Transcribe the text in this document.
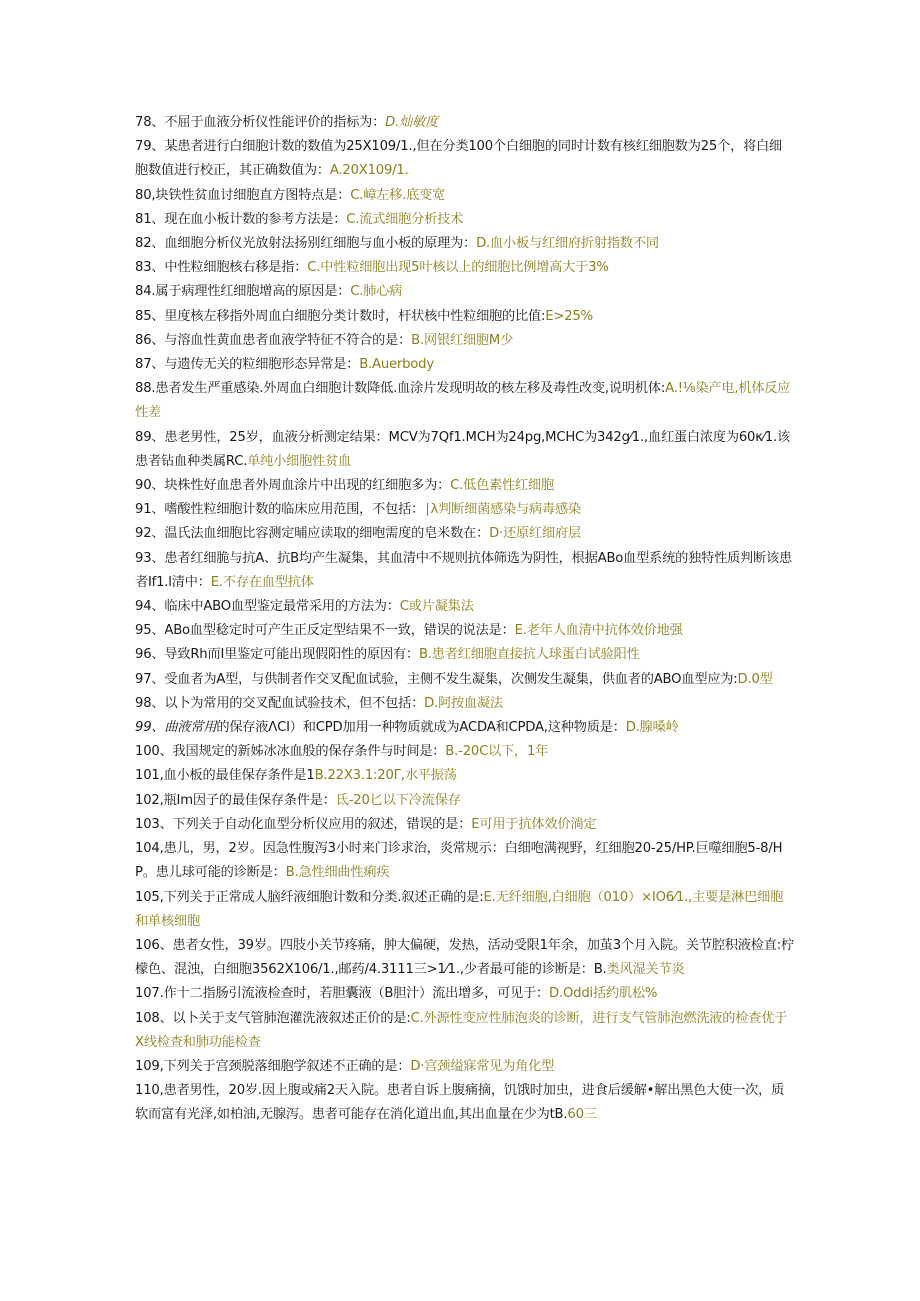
78、不屈于血液分析仪性能评价的指标为：D.灿敏度

79、某患者进行白细胞计数的数值为25X109/1.,但在分类100个白细胞的同时计数有核红细胞数为25个，将白细胞数值进行校正，其正确数值为：A.20X109/1.

80,块铁性贫血讨细胞直方图特点是：C.嶂左移.底变宽

81、现在血小板计数的参考方法是：C.流式细胞分析技术

82、血细胞分析仪光放射法扬别红细胞与血小板的原理为：D.血小板与红细府折射指数不同

83、中性粒细胞核右移是指：C.中性粒细胞出现5叶核以上的细胞比例增高大于3%

84.属于病理性红细胞增高的原因是：C.肺心病

85、里度核左移指外周血白细胞分类计数时，杆状核中性粒细胞的比值:E>25%

86、与溶血性黄血患者血液学特征不符合的是：B.网银红细胞M少

87、与遗传无关的粒细胞形态异常是：B.Auerbody

88.患者发生严重感染.外周血白细胞计数降低.血涂片发现明故的核左移及毒性改变,说明机体:A.!⅛染产电,机体反应性差

89、患老男性，25岁，血液分析测定结果：MCV为7Qf1.MCH为24pg,MCHC为342g⁄1.,血红蛋白浓度为60κ⁄1.该患者钻血种类属RC.单纯小细胞性贫血

90、块株性好血患者外周血涂片中出现的红细胞多为：C.低色素性红细胞

91、嗜酸性粒细胞计数的临床应用范围，不包括：∣λ判断细菌感染与病毒感染

92、温氏法血细胞比容测定晡应读取的细咆需度的皂米数在：D·还原红细府层

93、患者红细脆与抗A、抗B均产生凝集，其血清中不规则抗体筛选为阴性，根据ABo血型系统的独特性质判断该患者If1.l清中：E.不存在血型抗体

94、临床中ABO血型鉴定最常采用的方法为：C或片凝集法

95、ABo血型稔定时可产生正反定型结果不一致，错误的说法是：E.老年人血清中抗体效价地强

96、导致Rh而I里鉴定可能出现假阳性的原因有：B.患者红细胞直接抗人球蛋白试验阳性

97、受血者为A型，与供制者作交叉配血试验，主侧不发生凝集，次侧发生凝集，供血者的ABO血型应为:D.0型

98、以卜为常用的交叉配血试验技术，但不包括：D.阿按血凝法

99、曲液常用的保存液ΛCI）和CPD加用一种物质就成为ACDA和CPDA,这种物质是：D.腺嗓岭

100、我国规定的新姊冰冰血般的保存条件与时间是：B.-20C以下，1年

101,血小板的最佳保存条件是1B.22X3.1:20Γ,水平振荡

102,瓶Im因子的最佳保存条件是：氐-20匕以下冷流保存

103、下列关于自动化血型分析仪应用的叙述，错误的是：E可用于抗体效价淌定

104,患儿，男，2岁。因急性腹泻3小时来门诊求治，炎常规示：白细咆满视野，红细胞20-25/HP.巨噬细胞5-8/HP。患儿球可能的诊断是：B.急性细曲性痢疾

105,下列关于正常成人脑纤液细胞计数和分类.叙述正确的是:E.无纤细胞,白细胞（010）×IO6⁄1.,主要是淋巴细胞和单核细胞

106、患者女性，39岁。四肢小关节疼痛，肿大偏硬，发热，活动受限1年余，加茧3个月入院。关节腔积液检直:柠檬色、混浊，白细胞3562X106/1.,邮药/4.3111三>1⁄1.,少者最可能的诊断是：B.类风湿关节炎

107.作十二指肠引流液检查时，若胆囊液（B胆汁）流出增多，可见于：D.Oddi括约肌松%

108、以卜关于支气管肺泡灌洗液叙述正价的是:C.外源性变应性肺泡炎的诊断，进行支气管肺泡燃洗液的检查优于X线检查和肺功能检查

109,下列关于宫颈脱落细胞学叙述不正确的是：D·宫颈缢寐常见为角化型

110,患者男性，20岁.因上腹或痛2天入院。患者自诉上腹痛摘，饥饿时加虫，进食后缓解•解出黑色大使一次，质软而富有光泽,如柏油,无腺泻。患者可能存在消化道出血,其出血量在少为tB.60三
